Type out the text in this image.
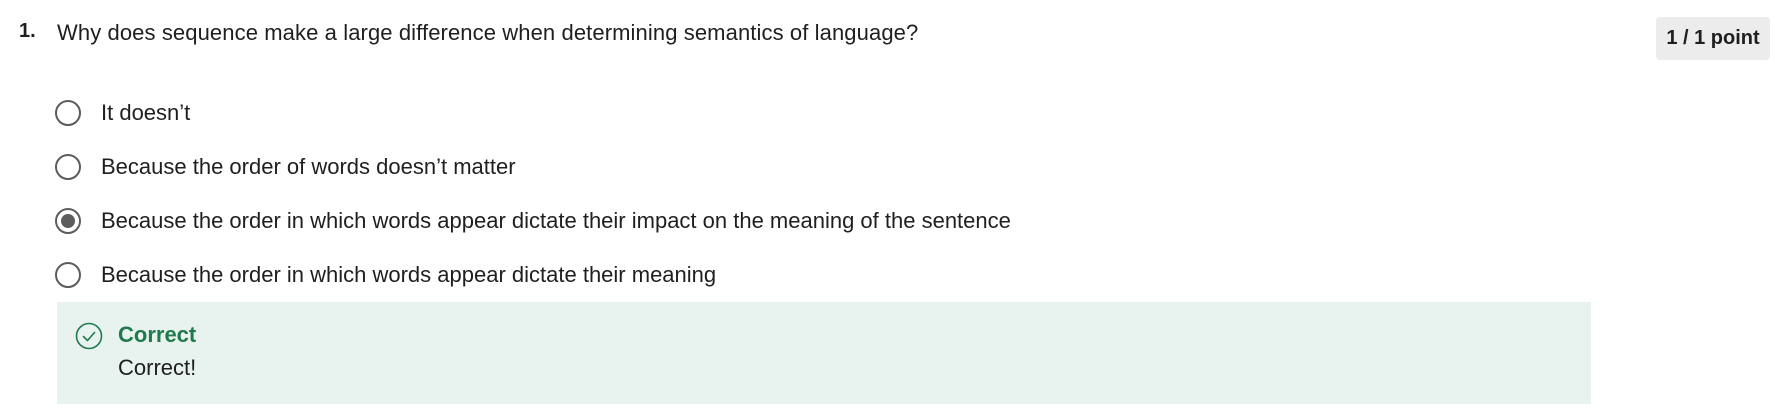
1. Why does sequence make a large difference when determining semantics of language?	1 / 1 point
It doesn’t
Because the order of words doesn’t matter
Because the order in which words appear dictate their impact on the meaning of the sentence
Because the order in which words appear dictate their meaning
Correct
Correct!
